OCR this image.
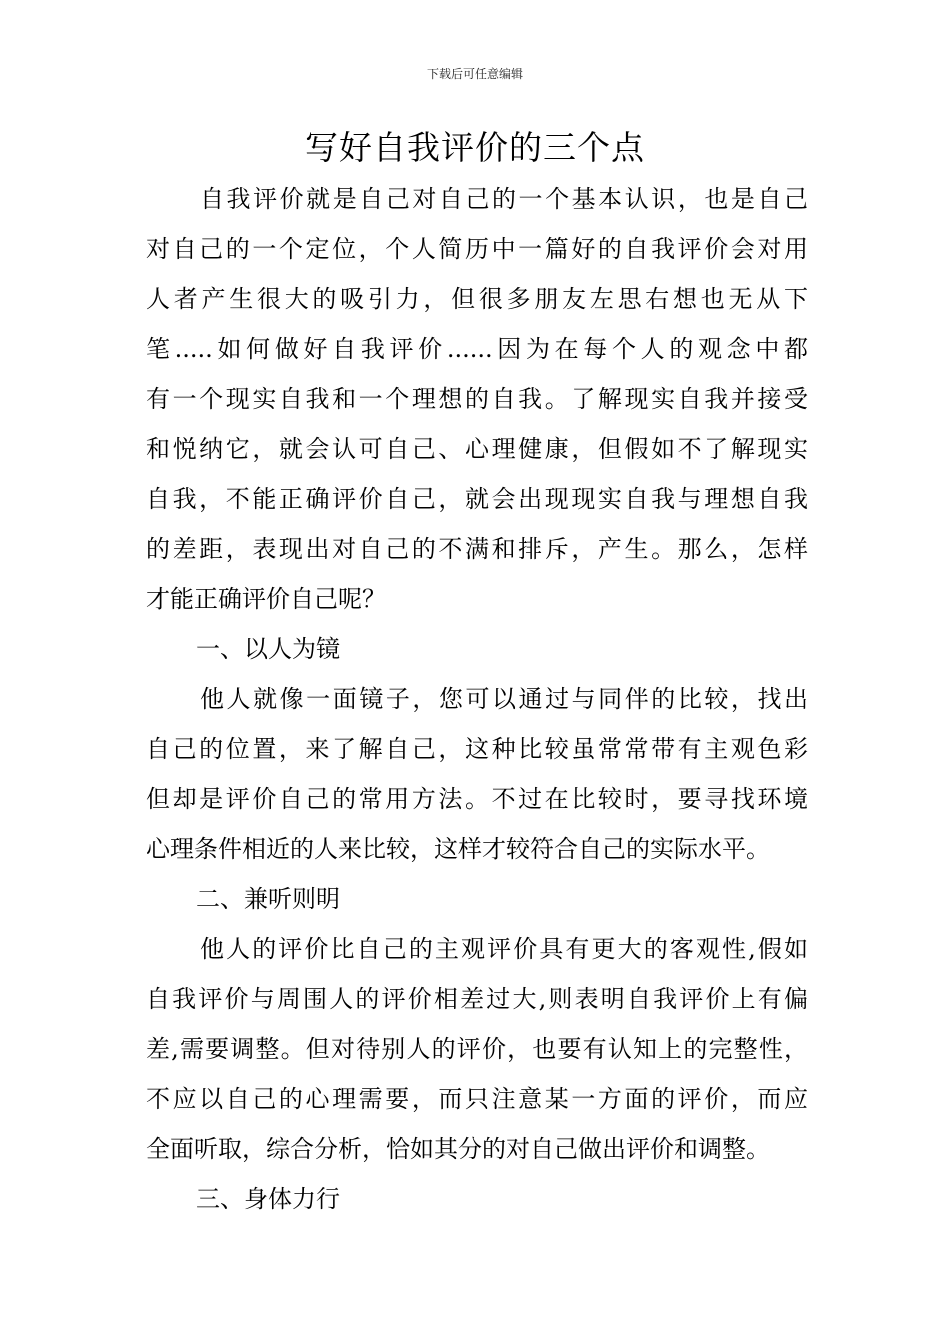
下载后可任意编辑
写好自我评价的三个点
自我评价就是自己对自己的一个基本认识，也是自己
对自己的一个定位，个人简历中一篇好的自我评价会对用
人者产生很大的吸引力，但很多朋友左思右想也无从下
笔.....如何做好自我评价......因为在每个人的观念中都
有一个现实自我和一个理想的自我。了解现实自我并接受
和悦纳它，就会认可自己、心理健康，但假如不了解现实
自我，不能正确评价自己，就会出现现实自我与理想自我
的差距，表现出对自己的不满和排斥，产生。那么，怎样
才能正确评价自己呢？
一、以人为镜
他人就像一面镜子，您可以通过与同伴的比较，找出
自己的位置，来了解自己，这种比较虽常常带有主观色彩
但却是评价自己的常用方法。不过在比较时，要寻找环境
心理条件相近的人来比较，这样才较符合自己的实际水平。
二、兼听则明
他人的评价比自己的主观评价具有更大的客观性,假如
自我评价与周围人的评价相差过大,则表明自我评价上有偏
差,需要调整。但对待别人的评价，也要有认知上的完整性，
不应以自己的心理需要，而只注意某一方面的评价，而应
全面听取，综合分析，恰如其分的对自己做出评价和调整。
三、身体力行
